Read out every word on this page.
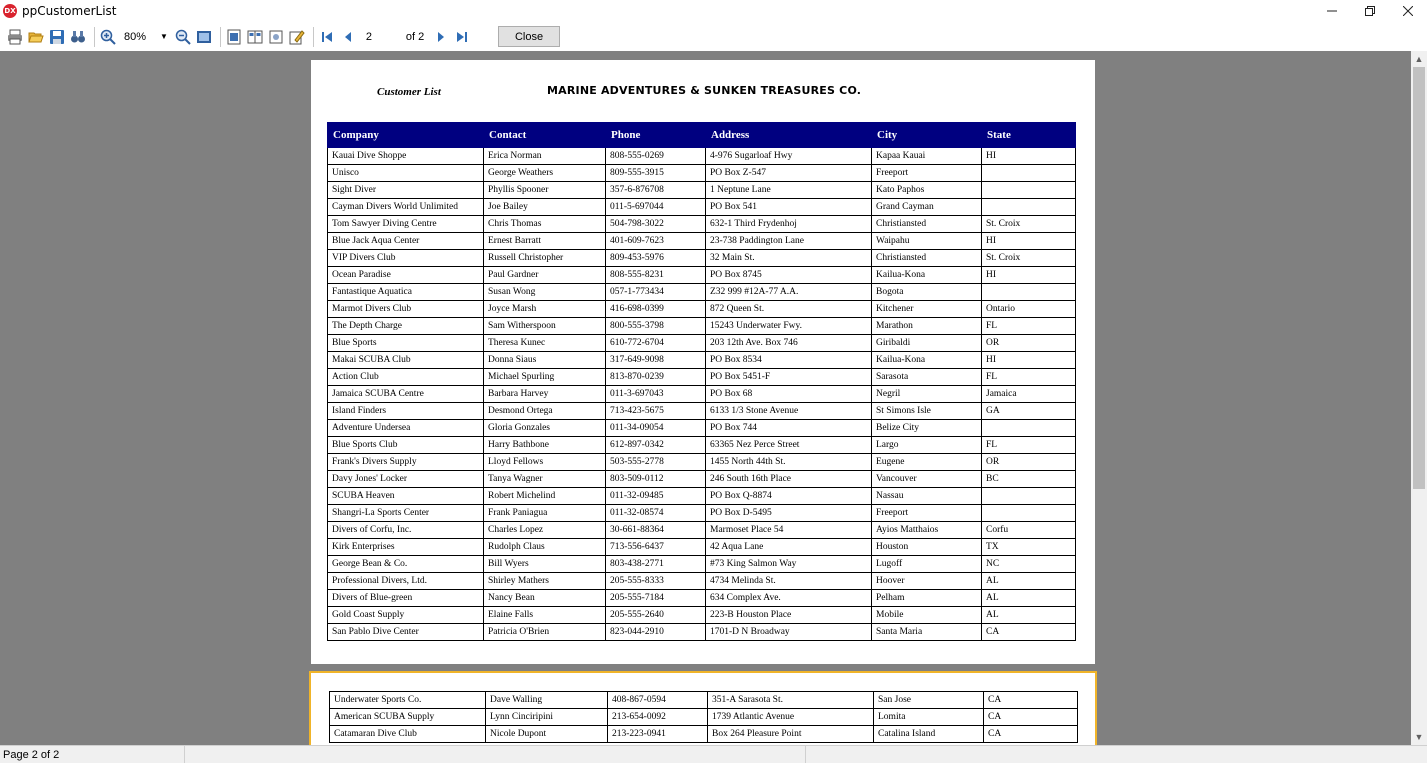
DX ppCustomerList
80%	▼
2	of 2	Close
Customer List	MARINE ADVENTURES & SUNKEN TREASURES CO.
Company	Contact	Phone	Address	City	State
Kauai Dive Shoppe	Erica Norman	808-555-0269	4-976 Sugarloaf Hwy	Kapaa Kauai	HI
Unisco	George Weathers	809-555-3915	PO Box Z-547	Freeport	
Sight Diver	Phyllis Spooner	357-6-876708	1 Neptune Lane	Kato Paphos	
Cayman Divers World Unlimited	Joe Bailey	011-5-697044	PO Box 541	Grand Cayman	
Tom Sawyer Diving Centre	Chris Thomas	504-798-3022	632-1 Third Frydenhoj	Christiansted	St. Croix
Blue Jack Aqua Center	Ernest Barratt	401-609-7623	23-738 Paddington Lane	Waipahu	HI
VIP Divers Club	Russell Christopher	809-453-5976	32 Main St.	Christiansted	St. Croix
Ocean Paradise	Paul Gardner	808-555-8231	PO Box 8745	Kailua-Kona	HI
Fantastique Aquatica	Susan Wong	057-1-773434	Z32 999 #12A-77 A.A.	Bogota	
Marmot Divers Club	Joyce Marsh	416-698-0399	872 Queen St.	Kitchener	Ontario
The Depth Charge	Sam Witherspoon	800-555-3798	15243 Underwater Fwy.	Marathon	FL
Blue Sports	Theresa Kunec	610-772-6704	203 12th Ave. Box 746	Giribaldi	OR
Makai SCUBA Club	Donna Siaus	317-649-9098	PO Box 8534	Kailua-Kona	HI
Action Club	Michael Spurling	813-870-0239	PO Box 5451-F	Sarasota	FL
Jamaica SCUBA Centre	Barbara Harvey	011-3-697043	PO Box 68	Negril	Jamaica
Island Finders	Desmond Ortega	713-423-5675	6133 1/3 Stone Avenue	St Simons Isle	GA
Adventure Undersea	Gloria Gonzales	011-34-09054	PO Box 744	Belize City	
Blue Sports Club	Harry Bathbone	612-897-0342	63365 Nez Perce Street	Largo	FL
Frank's Divers Supply	Lloyd Fellows	503-555-2778	1455 North 44th St.	Eugene	OR
Davy Jones' Locker	Tanya Wagner	803-509-0112	246 South 16th Place	Vancouver	BC
SCUBA Heaven	Robert Michelind	011-32-09485	PO Box Q-8874	Nassau	
Shangri-La Sports Center	Frank Paniagua	011-32-08574	PO Box D-5495	Freeport	
Divers of Corfu, Inc.	Charles Lopez	30-661-88364	Marmoset Place 54	Ayios Matthaios	Corfu
Kirk Enterprises	Rudolph Claus	713-556-6437	42 Aqua Lane	Houston	TX
George Bean & Co.	Bill Wyers	803-438-2771	#73 King Salmon Way	Lugoff	NC
Professional Divers, Ltd.	Shirley Mathers	205-555-8333	4734 Melinda St.	Hoover	AL
Divers of Blue-green	Nancy Bean	205-555-7184	634 Complex Ave.	Pelham	AL
Gold Coast Supply	Elaine Falls	205-555-2640	223-B Houston Place	Mobile	AL
San Pablo Dive Center	Patricia O'Brien	823-044-2910	1701-D N Broadway	Santa Maria	CA
Underwater Sports Co.	Dave Walling	408-867-0594	351-A Sarasota St.	San Jose	CA
American SCUBA Supply	Lynn Cinciripini	213-654-0092	1739 Atlantic Avenue	Lomita	CA
Catamaran Dive Club	Nicole Dupont	213-223-0941	Box 264 Pleasure Point	Catalina Island	CA
▲
▼
Page 2 of 2
